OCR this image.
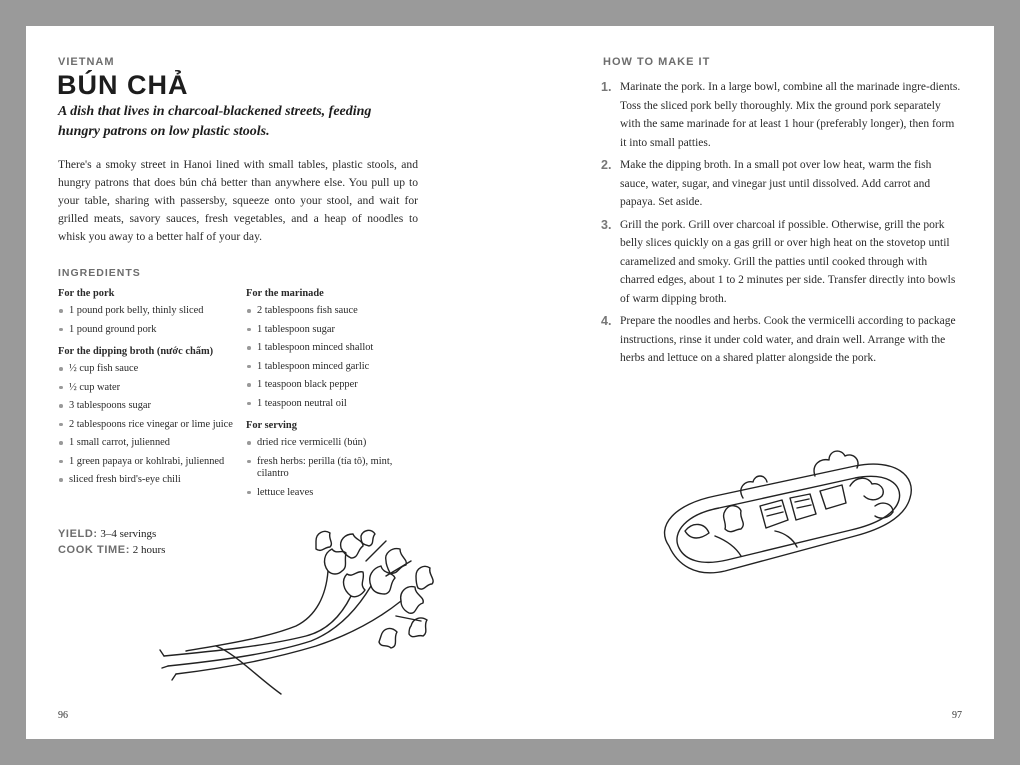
VIETNAM
BÚN CHẢ
A dish that lives in charcoal-blackened streets, feeding hungry patrons on low plastic stools.
There's a smoky street in Hanoi lined with small tables, plastic stools, and hungry patrons that does bún chả better than anywhere else. You pull up to your table, sharing with passersby, squeeze onto your stool, and wait for grilled meats, savory sauces, fresh vegetables, and a heap of noodles to whisk you away to a better half of your day.
INGREDIENTS
For the pork
1 pound pork belly, thinly sliced
1 pound ground pork
For the dipping broth (nước chấm)
½ cup fish sauce
½ cup water
3 tablespoons sugar
2 tablespoons rice vinegar or lime juice
1 small carrot, julienned
1 green papaya or kohlrabi, julienned
sliced fresh bird's-eye chili
For the marinade
2 tablespoons fish sauce
1 tablespoon sugar
1 tablespoon minced shallot
1 tablespoon minced garlic
1 teaspoon black pepper
1 teaspoon neutral oil
For serving
dried rice vermicelli (bún)
fresh herbs: perilla (tía tô), mint, cilantro
lettuce leaves
YIELD: 3–4 servings
COOK TIME: 2 hours
96
HOW TO MAKE IT
1. Marinate the pork. In a large bowl, combine all the marinade ingre-dients. Toss the sliced pork belly thoroughly. Mix the ground pork separately with the same marinade for at least 1 hour (preferably longer), then form it into small patties.
2. Make the dipping broth. In a small pot over low heat, warm the fish sauce, water, sugar, and vinegar just until dissolved. Add carrot and papaya. Set aside.
3. Grill the pork. Grill over charcoal if possible. Otherwise, grill the pork belly slices quickly on a gas grill or over high heat on the stovetop until caramelized and smoky. Grill the patties until cooked through with charred edges, about 1 to 2 minutes per side. Transfer directly into bowls of warm dipping broth.
4. Prepare the noodles and herbs. Cook the vermicelli according to package instructions, rinse it under cold water, and drain well. Arrange with the herbs and lettuce on a shared platter alongside the pork.
97
